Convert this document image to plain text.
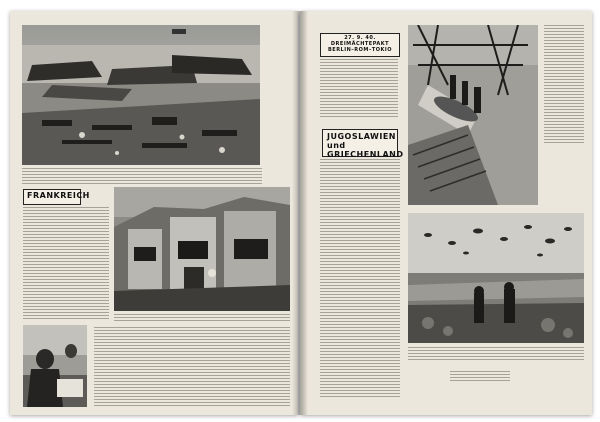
FRANKREICH
27. 9. 40. DREIMÄCHTEPAKT
BERLIN–ROM–TOKIO
JUGOSLAWIEN
und GRIECHENLAND
